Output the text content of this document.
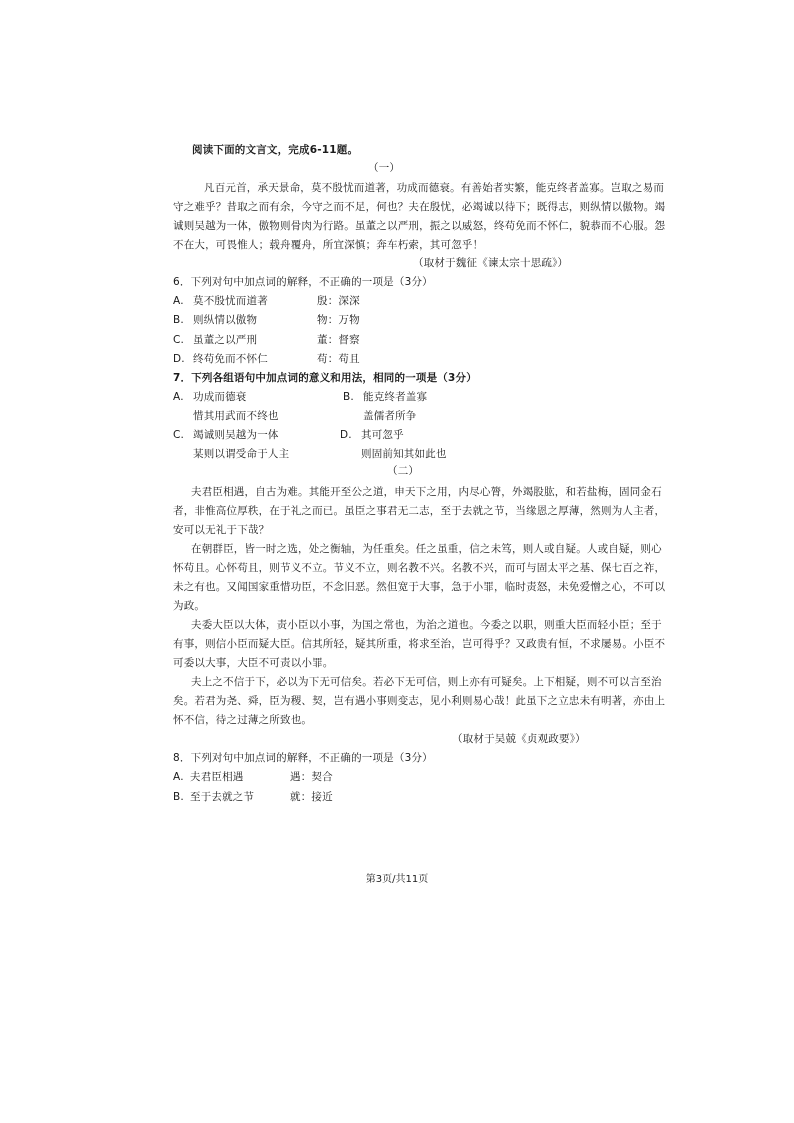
阅读下面的文言文，完成6-11题。
（一）
凡百元首，承天景命，莫不殷忧而道著，功成而德衰。有善始者实繁，能克终者盖寡。岂取之易而
守之难乎？昔取之而有余，今守之而不足，何也？夫在殷忧，必竭诚以待下；既得志，则纵情以傲物。竭
诚则吴越为一体，傲物则骨肉为行路。虽董之以严刑，振之以威怒，终苟免而不怀仁，貌恭而不心服。怨
不在大，可畏惟人；载舟覆舟，所宜深慎；奔车朽索，其可忽乎！
（取材于魏征《谏太宗十思疏》）
6．下列对句中加点词的解释，不正确的一项是（3分）
A. 莫不殷忧而道著	殷：深深
B. 则纵情以傲物	物：万物
C. 虽董之以严刑	董：督察
D. 终苟免而不怀仁	苟：苟且
7．下列各组语句中加点词的意义和用法，相同的一项是（3分）
A. 功成而德衰	B. 能克终者盖寡
惜其用武而不终也	盖儒者所争
C. 竭诚则吴越为一体	D. 其可忽乎
某则以谓受命于人主	则固前知其如此也
（二）
夫君臣相遇，自古为难。其能开至公之道，申天下之用，内尽心膂，外竭股肱，和若盐梅，固同金石
者，非惟高位厚秩，在于礼之而已。虽臣之事君无二志，至于去就之节，当缘恩之厚薄，然则为人主者，
安可以无礼于下哉？
在朝群臣，皆一时之选，处之衡轴，为任重矣。任之虽重，信之未笃，则人或自疑。人或自疑，则心
怀苟且。心怀苟且，则节义不立。节义不立，则名教不兴。名教不兴，而可与固太平之基、保七百之祚，
未之有也。又闻国家重惜功臣，不念旧恶。然但宽于大事，急于小罪，临时责怒，未免爱憎之心，不可以
为政。
夫委大臣以大体，责小臣以小事，为国之常也，为治之道也。今委之以职，则重大臣而轻小臣；至于
有事，则信小臣而疑大臣。信其所轻，疑其所重，将求至治，岂可得乎？又政贵有恒，不求屡易。小臣不
可委以大事，大臣不可责以小罪。
夫上之不信于下，必以为下无可信矣。若必下无可信，则上亦有可疑矣。上下相疑，则不可以言至治
矣。若君为尧、舜，臣为稷、契，岂有遇小事则变志，见小利则易心哉！此虽下之立忠未有明著，亦由上
怀不信，待之过薄之所致也。
（取材于吴兢《贞观政要》）
8．下列对句中加点词的解释，不正确的一项是（3分）
A. 夫君臣相遇	遇：契合
B. 至于去就之节	就：接近
第3页/共11页
